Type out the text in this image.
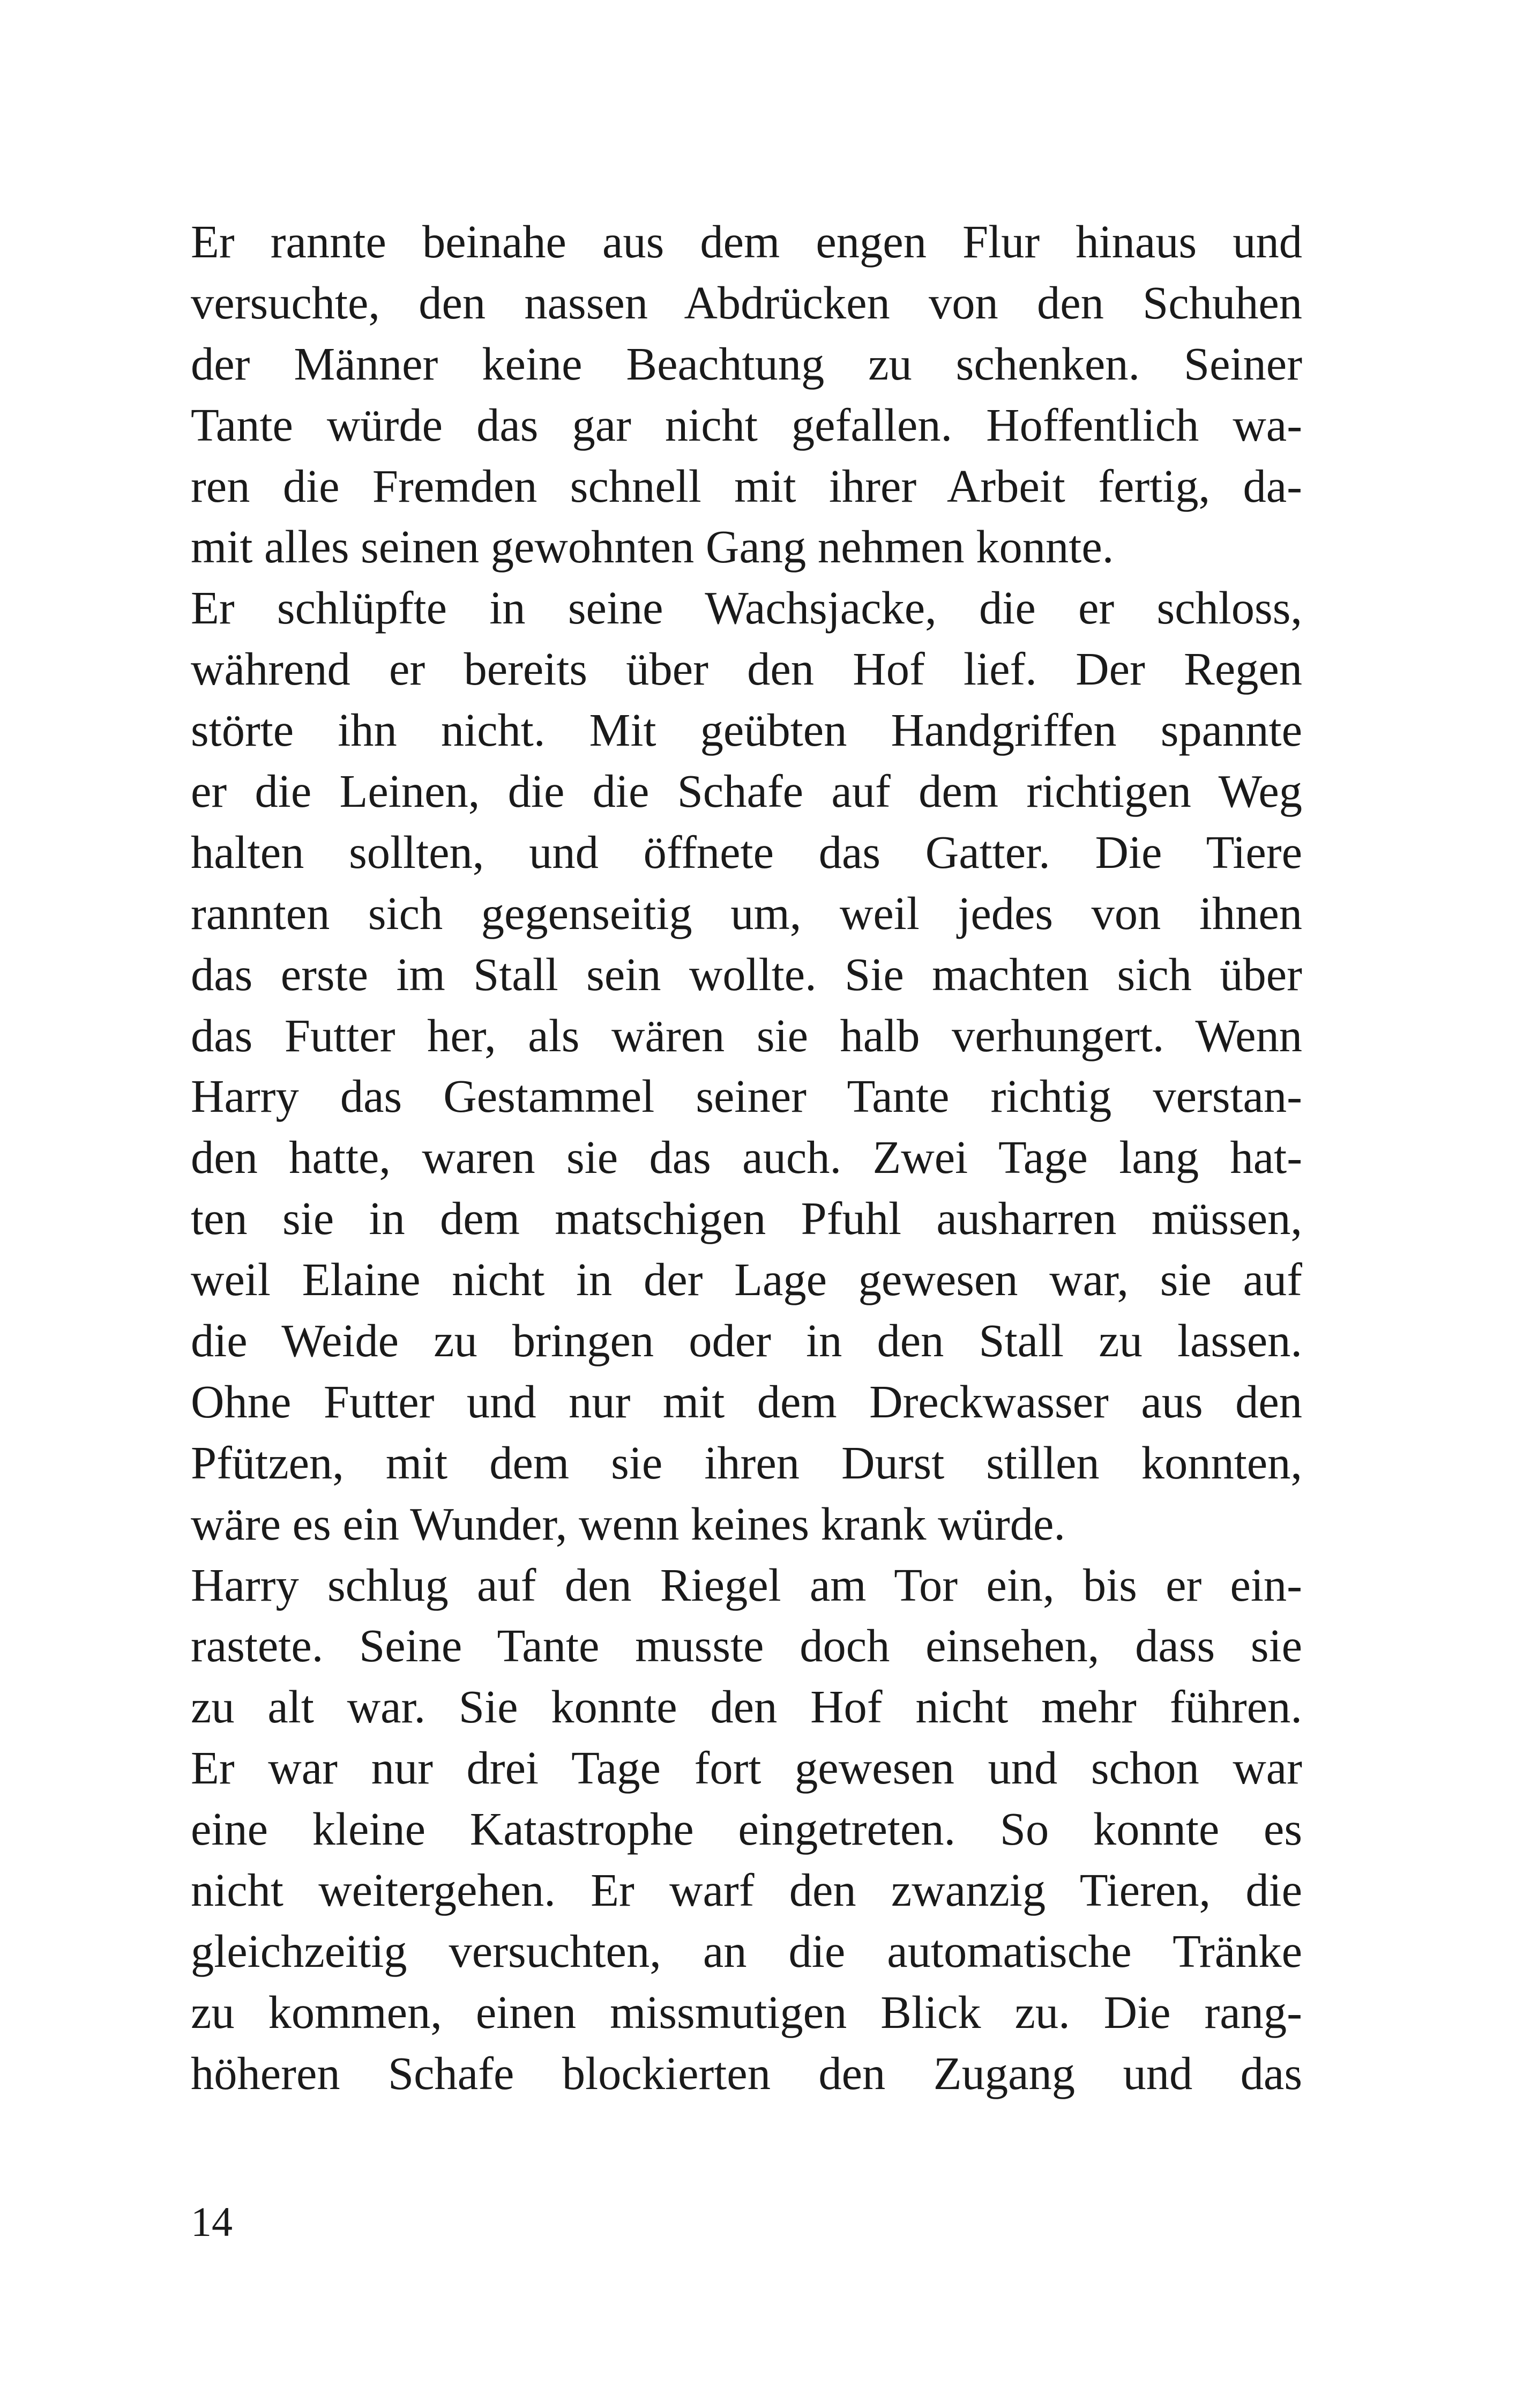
Er rannte beinahe aus dem engen Flur hinaus und
versuchte, den nassen Abdrücken von den Schuhen
der Männer keine Beachtung zu schenken. Seiner
Tante würde das gar nicht gefallen. Hoffentlich wa-
ren die Fremden schnell mit ihrer Arbeit fertig, da-
mit alles seinen gewohnten Gang nehmen konnte.
Er schlüpfte in seine Wachsjacke, die er schloss,
während er bereits über den Hof lief. Der Regen
störte ihn nicht. Mit geübten Handgriffen spannte
er die Leinen, die die Schafe auf dem richtigen Weg
halten sollten, und öffnete das Gatter. Die Tiere
rannten sich gegenseitig um, weil jedes von ihnen
das erste im Stall sein wollte. Sie machten sich über
das Futter her, als wären sie halb verhungert. Wenn
Harry das Gestammel seiner Tante richtig verstan-
den hatte, waren sie das auch. Zwei Tage lang hat-
ten sie in dem matschigen Pfuhl ausharren müssen,
weil Elaine nicht in der Lage gewesen war, sie auf
die Weide zu bringen oder in den Stall zu lassen.
Ohne Futter und nur mit dem Dreckwasser aus den
Pfützen, mit dem sie ihren Durst stillen konnten,
wäre es ein Wunder, wenn keines krank würde.
Harry schlug auf den Riegel am Tor ein, bis er ein-
rastete. Seine Tante musste doch einsehen, dass sie
zu alt war. Sie konnte den Hof nicht mehr führen.
Er war nur drei Tage fort gewesen und schon war
eine kleine Katastrophe eingetreten. So konnte es
nicht weitergehen. Er warf den zwanzig Tieren, die
gleichzeitig versuchten, an die automatische Tränke
zu kommen, einen missmutigen Blick zu. Die rang-
höheren Schafe blockierten den Zugang und das
14
